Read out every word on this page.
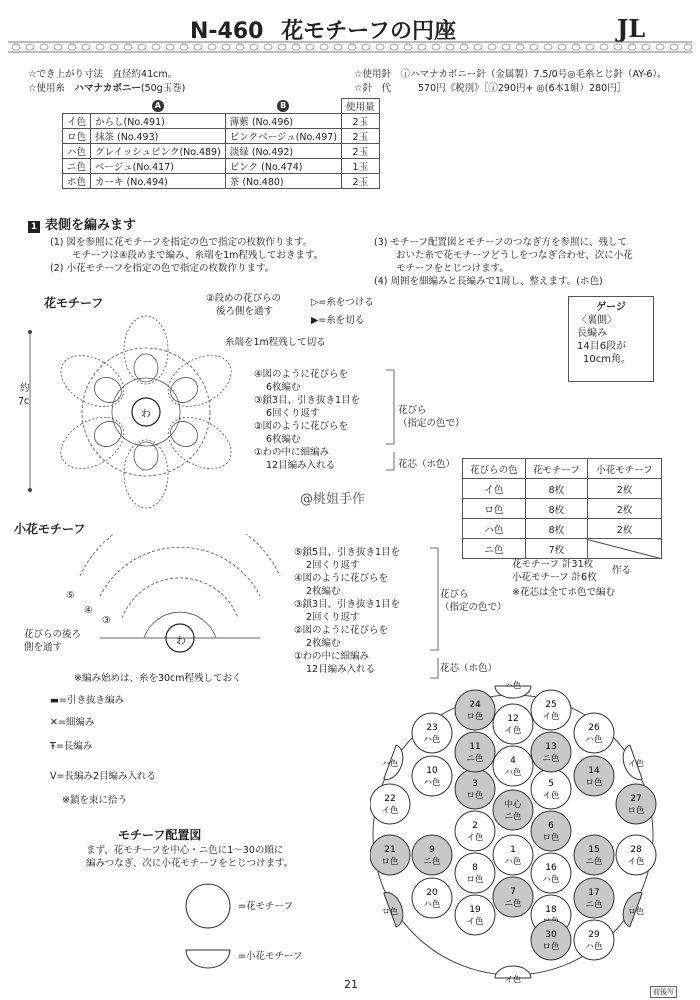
N-460 花モチーフの円座	JL
☆でき上がり寸法　 直径約41cm。
☆使用糸　 ハマナカボニー(50g玉巻)
☆使用針　 ⓘハマナカボニー針（金属製）7.5/0号◎毛糸とじ針（AY-6）。
☆針　代	570円《税別》［ⓘ290円+ ◎(6本1組）280円］
	A	B	使用量
イ色	からし(No.491)	薄紫 (No.496)	2玉
ロ色	抹茶 (No.493)	ピンクベージュ(No.497)	2玉
ハ色	グレイッシュピンク(No.489)	淡緑 (No.492)	2玉
ニ色	ベージュ(No.417)	ピンク (No.474)	1玉
ホ色	カーキ (No.494)	茶 (No.480)	2玉
1 表側を編みます
(1) 図を参照に花モチーフを指定の色で指定の枚数作ります。
モチーフは④段めまで編み、糸端を1m程残しておきます。
(2) 小花モチーフを指定の色で指定の枚数作ります。
(3) モチーフ配置図とモチーフのつなぎ方を参照に、残して
おいた糸で花モチーフどうしをつなぎ合わせ、次に小花
モチーフをとじつけます。
(4) 周囲を細編みと長編みで1周し、整えます。(ホ色)
花モチーフ
わ
約
7c
②段めの花びらの
後ろ側を通す
▷=糸をつける
▶=糸を切る
糸端を1m程残して切る
④図のように花びらを
6枚編む
③鎖3目、引き抜き1目を
6回くり返す
②図のように花びらを
6枚編む
①わの中に細編み
12目編み入れる
花びら
（指定の色で）
花芯（ホ色）
ゲージ
〈裏側〉
長編み
14目6段が
10cm角。
花びらの色	花モチーフ	小花モチーフ
イ色	8枚	2枚
ロ色	8枚	2枚
ハ色	8枚	2枚
ニ色	7枚	
@桃姐手作
小花モチーフ
わ
⑤
④
③
花びらの後ろ
側を通す
※編み始めは、糸を30cm程残しておく
⑤鎖5目、引き抜き1目を
2回くり返す
④図のように花びらを
2枚編む
③鎖3目、引き抜き1目を
2回くり返す
②図のように花びらを
2枚編む
①わの中に細編み
12目編み入れる
花びら
（指定の色で）
花芯（ホ色）
花モチーフ 計31枚
小花モチーフ 計6枚
作る
※花芯は全てホ色で編む
▬=引き抜き編み
✕=細編み
Ŧ=長編み
V=長編み2目編み入れる
※鎖を束に拾う
モチーフ配置図
まず、花モチーフを中心・ニ色に1〜30の順に
編みつなぎ、次に小花モチーフをとじつけます。
=花モチーフ
=小花モチーフ
ハ色
イ色
ロ色
イ色
ロ色
ハ色
中心
ニ色
1
ハ色
2
イ色
3
ロ色
4
ハ色
5
イ色
6
ロ色
7
ニ色
8
ロ色
9
ニ色
10
ハ色
11
ニ色
12
イ色
13
ニ色
14
ロ色
15
ニ色
16
ハ色
17
ニ色
18
19
イ色
20
ハ色
21
ロ色
22
イ色
23
ハ色
24
ロ色
25
イ色
26
ハ色
27
ロ色
28
イ色
29
ハ色
30
ロ色
21
前後写
